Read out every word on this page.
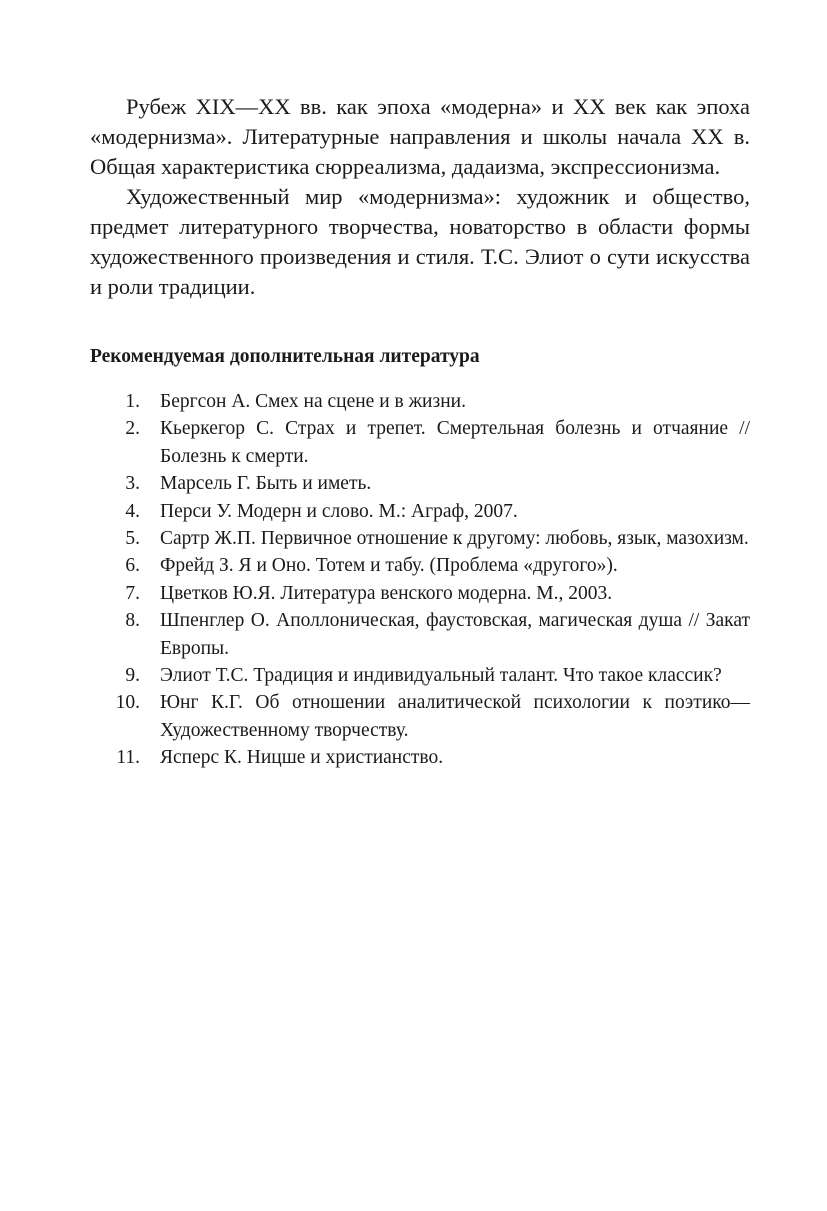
Рубеж XIX—XX вв. как эпоха «модерна» и XX век как эпоха «модернизма». Литературные направления и школы начала XX в. Общая характеристика сюрреализма, дадаизма, экспрессионизма.

Художественный мир «модернизма»: художник и общество, предмет литературного творчества, новаторство в области формы художественного произведения и стиля. Т.С. Элиот о сути искусства и роли традиции.

Рекомендуемая дополнительная литература
1. Бергсон А. Смех на сцене и в жизни.
2. Кьеркегор С. Страх и трепет. Смертельная болезнь и отчаяние // Болезнь к смерти.
3. Марсель Г. Быть и иметь.
4. Перси У. Модерн и слово. М.: Аграф, 2007.
5. Сартр Ж.П. Первичное отношение к другому: любовь, язык, мазохизм.
6. Фрейд З. Я и Оно. Тотем и табу. (Проблема «другого»).
7. Цветков Ю.Я. Литература венского модерна. М., 2003.
8. Шпенглер О. Аполлоническая, фаустовская, магическая душа // Закат Европы.
9. Элиот Т.С. Традиция и индивидуальный талант. Что такое классик?
10. Юнг К.Г. Об отношении аналитической психологии к поэтико—Художественному творчеству.
11. Ясперс К. Ницше и христианство.
